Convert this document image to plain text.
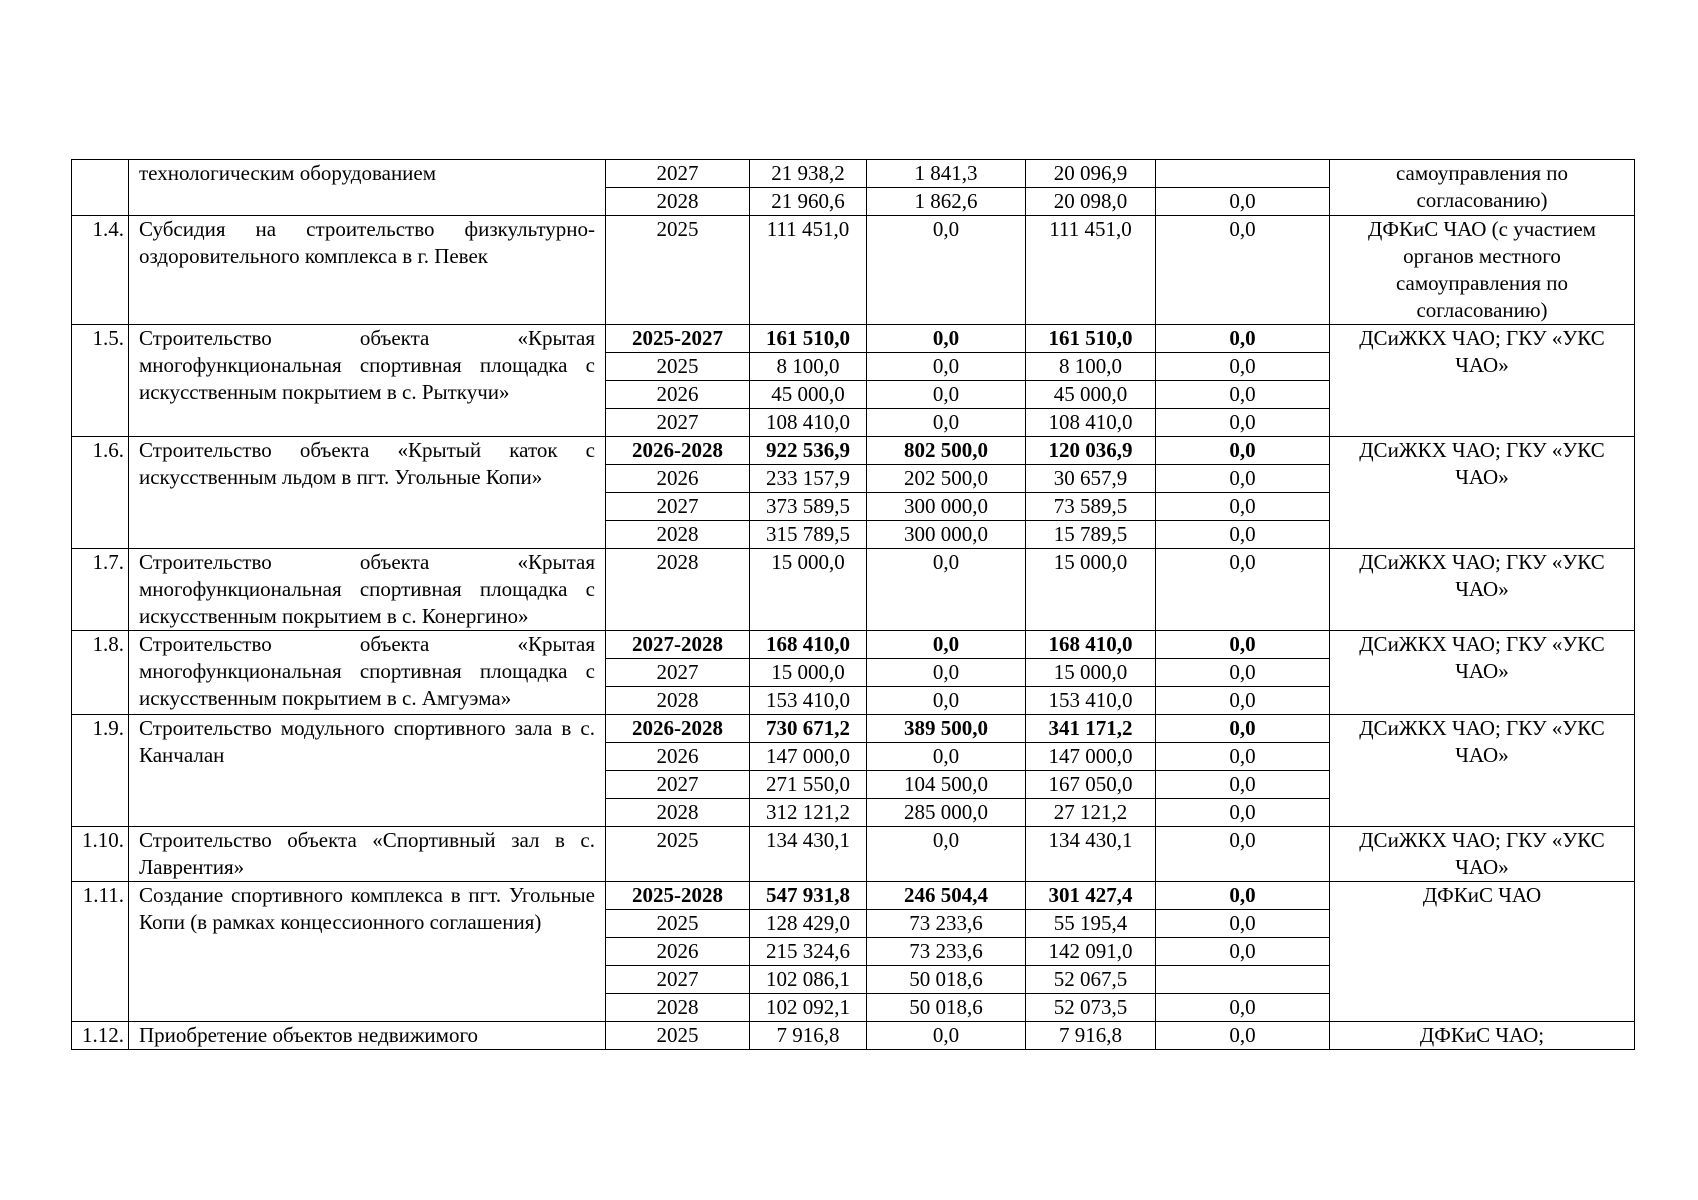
	технологическим оборудованием	2027	21 938,2	1 841,3	20 096,9		самоуправления по согласованию)
		2028	21 960,6	1 862,6	20 098,0	0,0	
1.4.	Субсидия на строительство физкультурно-оздоровительного комплекса в г. Певек	2025	111 451,0	0,0	111 451,0	0,0	ДФКиС ЧАО (с участием органов местного самоуправления по согласованию)
1.5.	Строительство объекта «Крытая многофункциональная спортивная площадка с искусственным покрытием в с. Рыткучи»	2025-2027	161 510,0	0,0	161 510,0	0,0	ДСиЖКХ ЧАО; ГКУ «УКС ЧАО»
		2025	8 100,0	0,0	8 100,0	0,0	
		2026	45 000,0	0,0	45 000,0	0,0	
		2027	108 410,0	0,0	108 410,0	0,0	
1.6.	Строительство объекта «Крытый каток с искусственным льдом в пгт. Угольные Копи»	2026-2028	922 536,9	802 500,0	120 036,9	0,0	ДСиЖКХ ЧАО; ГКУ «УКС ЧАО»
		2026	233 157,9	202 500,0	30 657,9	0,0	
		2027	373 589,5	300 000,0	73 589,5	0,0	
		2028	315 789,5	300 000,0	15 789,5	0,0	
1.7.	Строительство объекта «Крытая многофункциональная спортивная площадка с искусственным покрытием в с. Конергино»	2028	15 000,0	0,0	15 000,0	0,0	ДСиЖКХ ЧАО; ГКУ «УКС ЧАО»
1.8.	Строительство объекта «Крытая многофункциональная спортивная площадка с искусственным покрытием в с. Амгуэма»	2027-2028	168 410,0	0,0	168 410,0	0,0	ДСиЖКХ ЧАО; ГКУ «УКС ЧАО»
		2027	15 000,0	0,0	15 000,0	0,0	
		2028	153 410,0	0,0	153 410,0	0,0	
1.9.	Строительство модульного спортивного зала в с. Канчалан	2026-2028	730 671,2	389 500,0	341 171,2	0,0	ДСиЖКХ ЧАО; ГКУ «УКС ЧАО»
		2026	147 000,0	0,0	147 000,0	0,0	
		2027	271 550,0	104 500,0	167 050,0	0,0	
		2028	312 121,2	285 000,0	27 121,2	0,0	
1.10.	Строительство объекта «Спортивный зал в с. Лаврентия»	2025	134 430,1	0,0	134 430,1	0,0	ДСиЖКХ ЧАО; ГКУ «УКС ЧАО»
1.11.	Создание спортивного комплекса в пгт. Угольные Копи (в рамках концессионного соглашения)	2025-2028	547 931,8	246 504,4	301 427,4	0,0	ДФКиС ЧАО
		2025	128 429,0	73 233,6	55 195,4	0,0	
		2026	215 324,6	73 233,6	142 091,0	0,0	
		2027	102 086,1	50 018,6	52 067,5		
		2028	102 092,1	50 018,6	52 073,5	0,0	
1.12.	Приобретение объектов недвижимого	2025	7 916,8	0,0	7 916,8	0,0	ДФКиС ЧАО;
